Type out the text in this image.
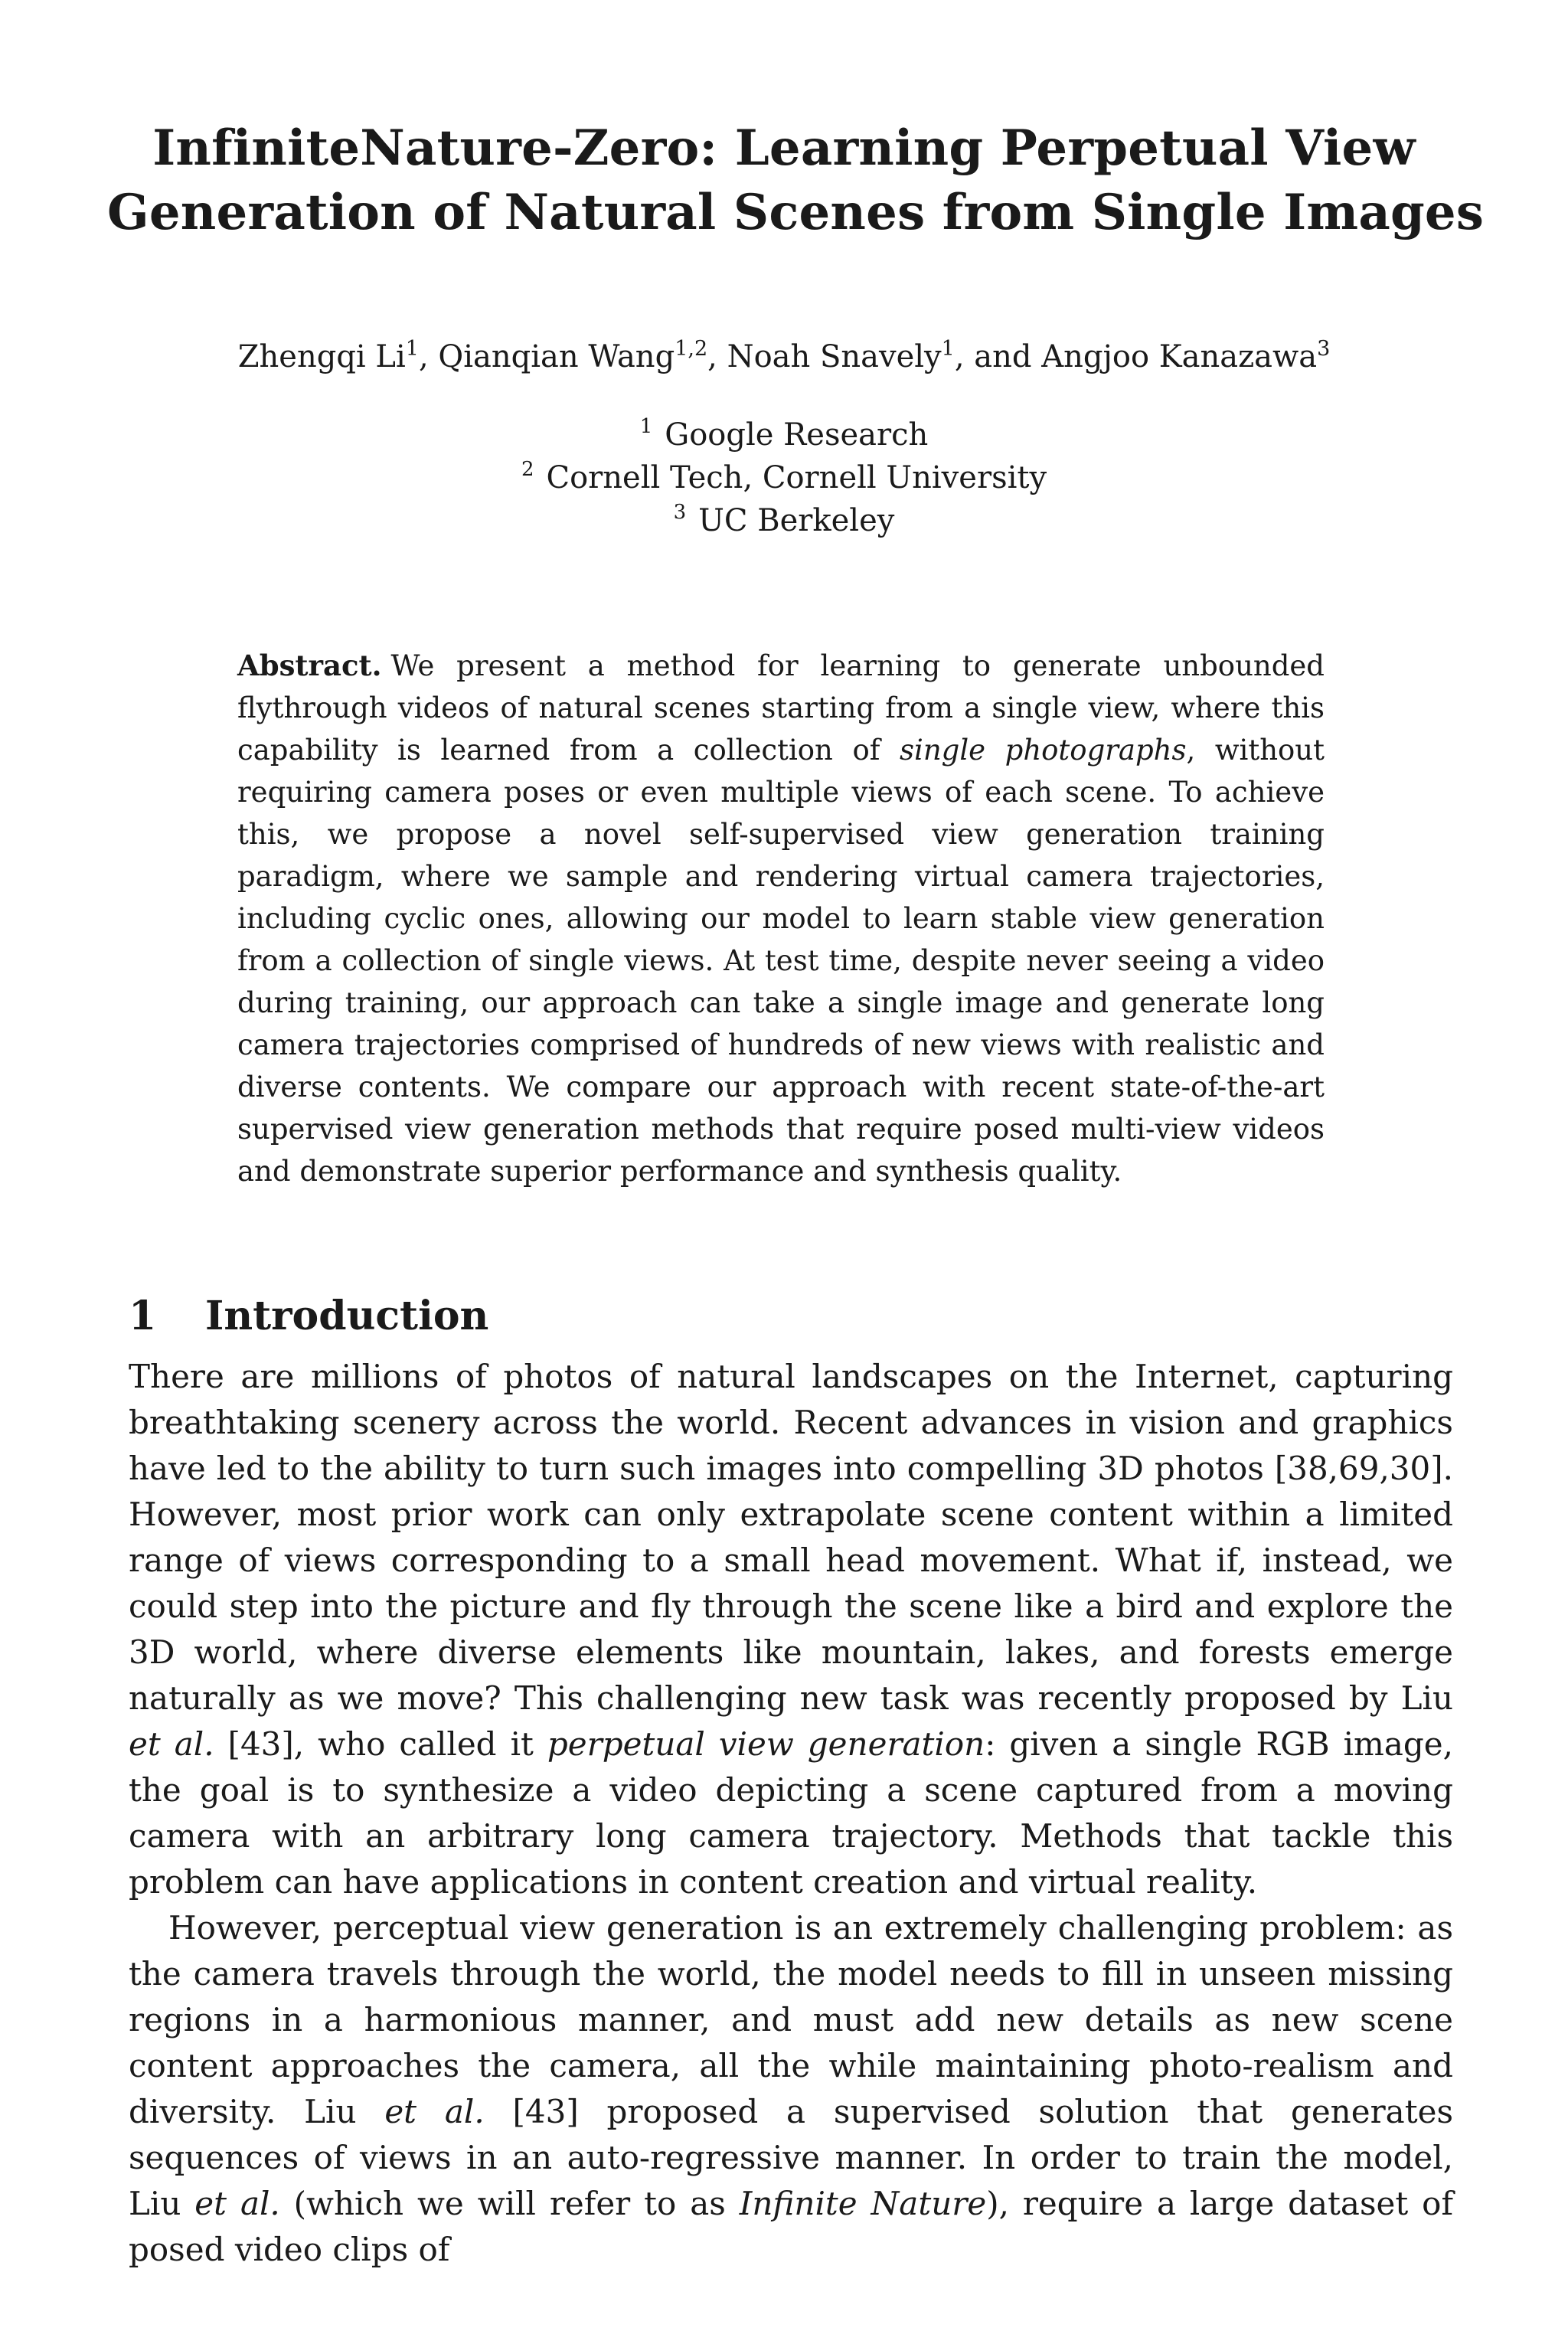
InfiniteNature-Zero: Learning Perpetual View
Generation of Natural Scenes from Single Images
Zhengqi Li$^1$, Qianqian Wang$^{1,2}$, Noah Snavely$^1$, and Angjoo Kanazawa$^3$
$^1$ Google Research
$^2$ Cornell Tech, Cornell University
$^3$ UC Berkeley
Abstract. We present a method for learning to generate unbounded flythrough videos of natural scenes starting from a single view, where this capability is learned from a collection of single photographs, without requiring camera poses or even multiple views of each scene. To achieve this, we propose a novel self-supervised view generation training paradigm, where we sample and rendering virtual camera trajectories, including cyclic ones, allowing our model to learn stable view generation from a collection of single views. At test time, despite never seeing a video during training, our approach can take a single image and generate long camera trajectories comprised of hundreds of new views with realistic and diverse contents. We compare our approach with recent state-of-the-art supervised view generation methods that require posed multi-view videos and demonstrate superior performance and synthesis quality.
1 Introduction

There are millions of photos of natural landscapes on the Internet, capturing breathtaking scenery across the world. Recent advances in vision and graphics have led to the ability to turn such images into compelling 3D photos [38,69,30]. However, most prior work can only extrapolate scene content within a limited range of views corresponding to a small head movement. What if, instead, we could step into the picture and fly through the scene like a bird and explore the 3D world, where diverse elements like mountain, lakes, and forests emerge naturally as we move? This challenging new task was recently proposed by Liu et al. [43], who called it perpetual view generation: given a single RGB image, the goal is to synthesize a video depicting a scene captured from a moving camera with an arbitrary long camera trajectory. Methods that tackle this problem can have applications in content creation and virtual reality.

However, perceptual view generation is an extremely challenging problem: as the camera travels through the world, the model needs to fill in unseen missing regions in a harmonious manner, and must add new details as new scene content approaches the camera, all the while maintaining photo-realism and diversity. Liu et al. [43] proposed a supervised solution that generates sequences of views in an auto-regressive manner. In order to train the model, Liu et al. (which we will refer to as Infinite Nature), require a large dataset of posed video clips of
